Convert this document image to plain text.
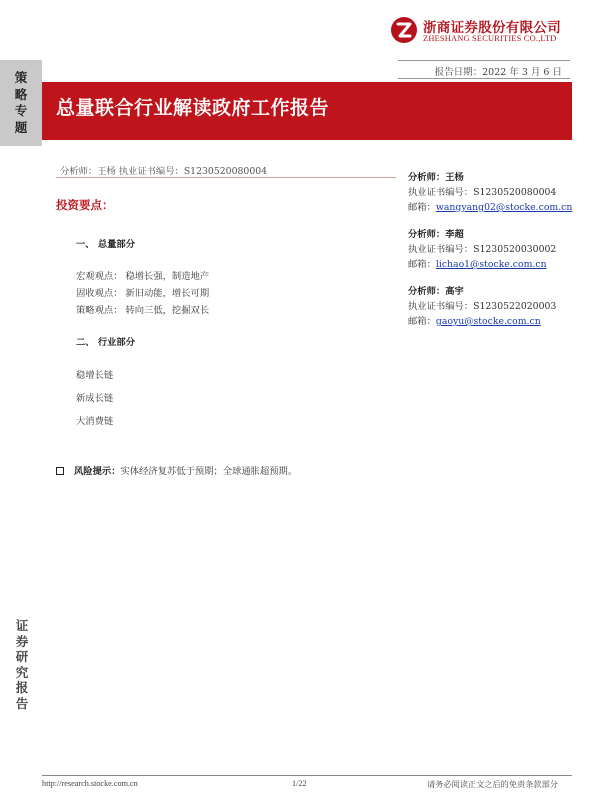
浙商证券股份有限公司
ZHESHANG SECURITIES CO.,LTD
策略专题
报告日期：2022 年 3 月 6 日
总量联合行业解读政府工作报告
分析师：王杨 执业证书编号：S1230520080004
投资要点：
一、 总量部分
宏观观点： 稳增长强，制造地产
固收观点： 新旧动能，增长可期
策略观点： 转向三低，挖掘双长
二、 行业部分
稳增长链
新成长链
大消费链
风险提示：实体经济复苏低于预期；全球通胀超预期。
分析师：王杨
执业证书编号：S1230520080004
邮箱：wangyang02@stocke.com.cn
分析师：李超
执业证书编号：S1230520030002
邮箱：lichao1@stocke.com.cn
分析师：高宇
执业证书编号：S1230522020003
邮箱：gaoyu@stocke.com.cn
证券研究报告
http://research.stocke.com.cn	1/22	请务必阅读正文之后的免责条款部分
